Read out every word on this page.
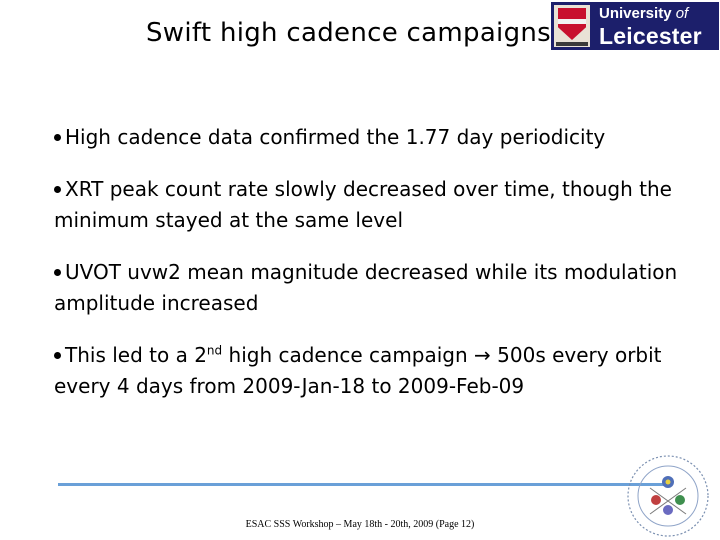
Swift high cadence campaigns
University of
Leicester
High cadence data confirmed the 1.77 day periodicity
XRT peak count rate slowly decreased over time, though the minimum stayed at the same level
UVOT uvw2 mean magnitude decreased while its modulation amplitude increased
This led to a 2nd high cadence campaign → 500s every orbit every 4 days from 2009-Jan-18 to 2009-Feb-09
ESAC SSS Workshop – May 18th - 20th, 2009 (Page 12)
